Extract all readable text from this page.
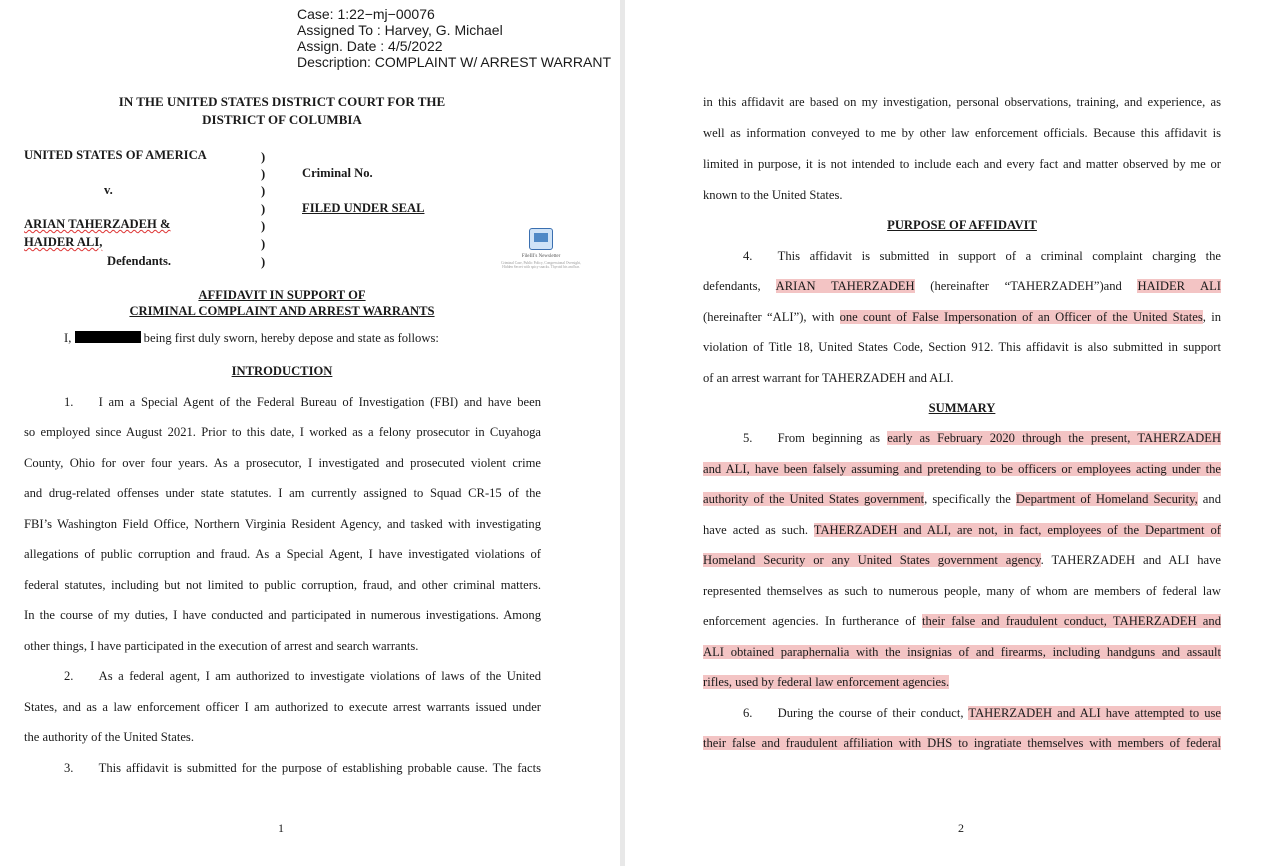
Case: 1:22−mj−00076
Assigned To : Harvey, G. Michael
Assign. Date : 4/5/2022
Description: COMPLAINT W/ ARREST WARRANT
IN THE UNITED STATES DISTRICT COURT FOR THE
DISTRICT OF COLUMBIA
UNITED STATES OF AMERICA
v.
ARIAN TAHERZADEH &
HAIDER ALI,
Defendants.
)
)
)
)
)
)
)
Criminal No.
FILED UNDER SEAL
FileIII's Newsletter
Criminal Case, Public Policy, Congressional Oversight, Hidden Secret with spicy snacks. Thyroid bts and bar.
AFFIDAVIT IN SUPPORT OF
CRIMINAL COMPLAINT AND ARREST WARRANTS
I,	being first duly sworn, hereby depose and state as follows:
INTRODUCTION
1.  I am a Special Agent of the Federal Bureau of Investigation (FBI) and have been
so employed since August 2021. Prior to this date, I worked as a felony prosecutor in Cuyahoga
County, Ohio for over four years. As a prosecutor, I investigated and prosecuted violent crime
and drug-related offenses under state statutes. I am currently assigned to Squad CR-15 of the
FBI’s Washington Field Office, Northern Virginia Resident Agency, and tasked with investigating
allegations of public corruption and fraud. As a Special Agent, I have investigated violations of
federal statutes, including but not limited to public corruption, fraud, and other criminal matters.
In the course of my duties, I have conducted and participated in numerous investigations. Among
other things, I have participated in the execution of arrest and search warrants.
2.  As a federal agent, I am authorized to investigate violations of laws of the United
States, and as a law enforcement officer I am authorized to execute arrest warrants issued under
the authority of the United States.
3.  This affidavit is submitted for the purpose of establishing probable cause. The facts
1
in this affidavit are based on my investigation, personal observations, training, and experience, as
well as information conveyed to me by other law enforcement officials. Because this affidavit is
limited in purpose, it is not intended to include each and every fact and matter observed by me or
known to the United States.
PURPOSE OF AFFIDAVIT
4.  This affidavit is submitted in support of a criminal complaint charging the
defendants, ARIAN TAHERZADEH (hereinafter “TAHERZADEH”)and HAIDER ALI
(hereinafter “ALI”), with one count of False Impersonation of an Officer of the United States, in
violation of Title 18, United States Code, Section 912. This affidavit is also submitted in support
of an arrest warrant for TAHERZADEH and ALI.
SUMMARY
5.  From beginning as early as February 2020 through the present, TAHERZADEH
and ALI, have been falsely assuming and pretending to be officers or employees acting under the
authority of the United States government, specifically the Department of Homeland Security, and
have acted as such. TAHERZADEH and ALI, are not, in fact, employees of the Department of
Homeland Security or any United States government agency. TAHERZADEH and ALI have
represented themselves as such to numerous people, many of whom are members of federal law
enforcement agencies. In furtherance of their false and fraudulent conduct, TAHERZADEH and
ALI obtained paraphernalia with the insignias of and firearms, including handguns and assault
rifles, used by federal law enforcement agencies.
6.  During the course of their conduct, TAHERZADEH and ALI have attempted to use
their false and fraudulent affiliation with DHS to ingratiate themselves with members of federal
2
